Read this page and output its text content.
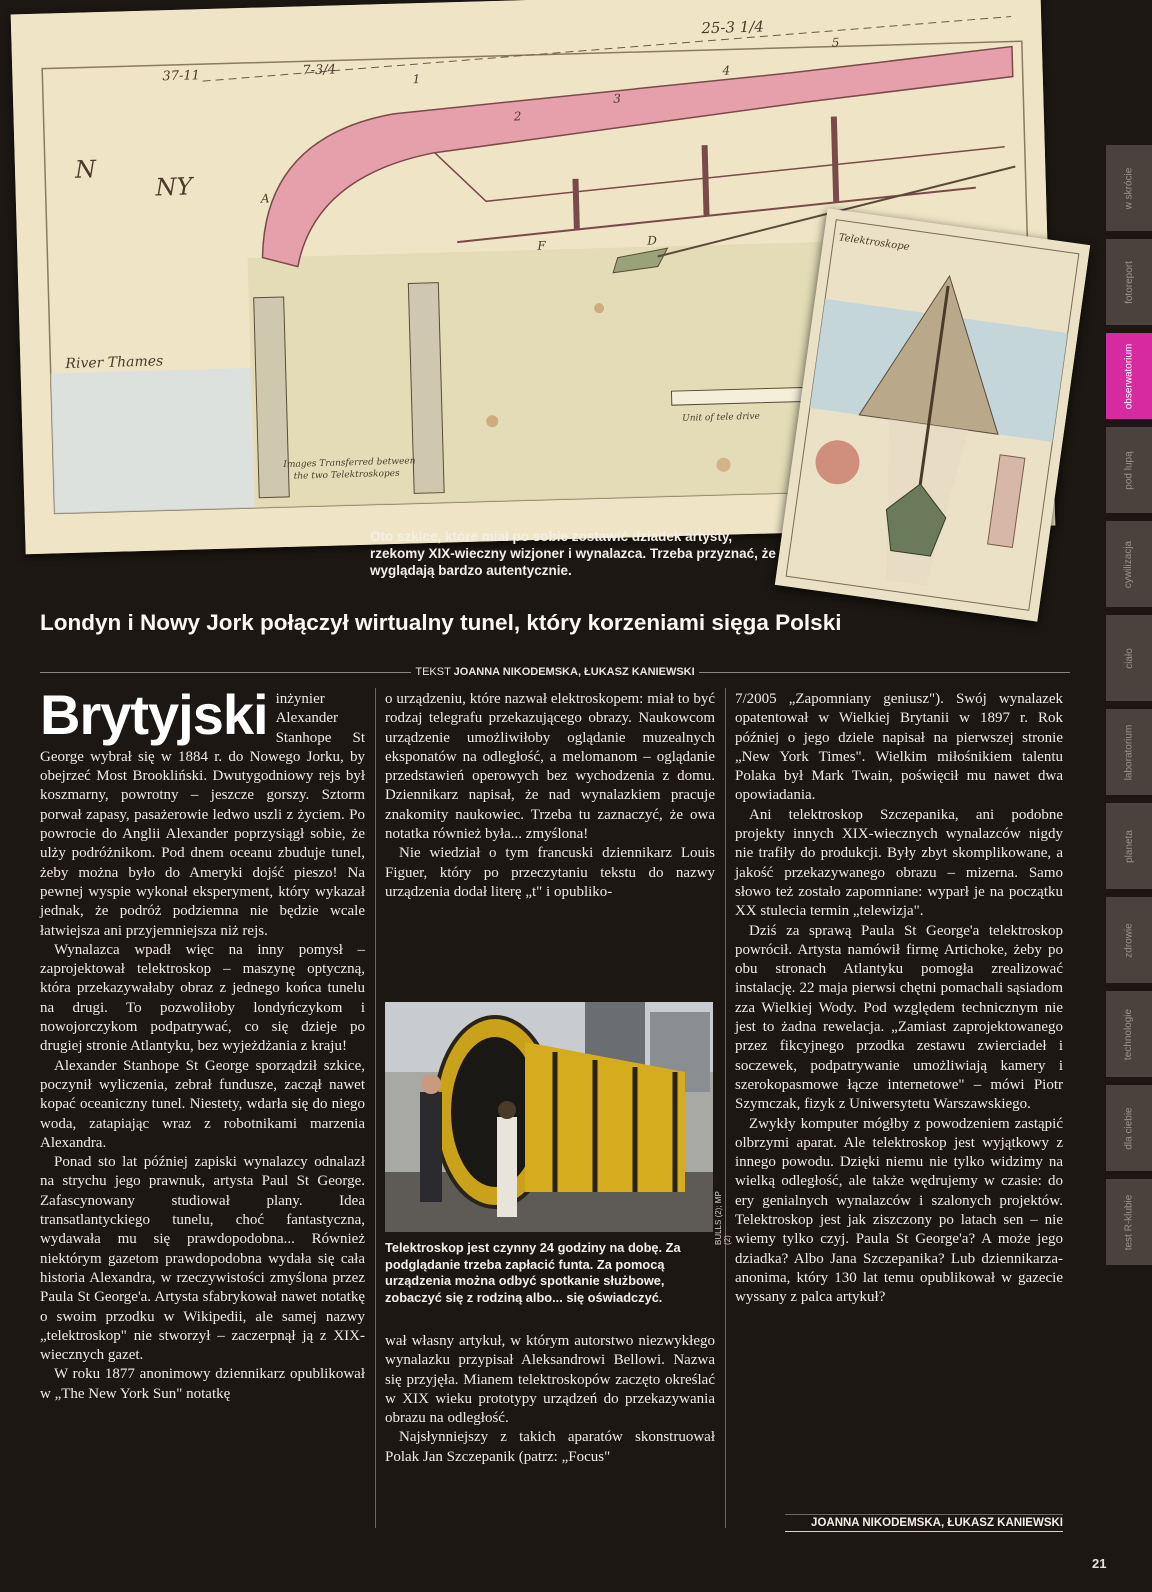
37-11	7-3/4
25-3 1/4
N
NY
River Thames
Images Transferred between
the two Telektroskopes
A
D
F
1
2
3
4
5
Unit of tele drive
Telektroskope
Oto szkice, które miał po sobie zostawić dziadek artysty, rzekomy XIX-wieczny wizjoner i wynalazca. Trzeba przyznać, że wyglądają bardzo autentycznie.
w skrócie
fotoreport
obserwatorium
pod lupą
cywilizacja
ciało
laboratorium
planeta
zdrowie
technologie
dla ciebie
test R-klubie
Londyn i Nowy Jork połączył wirtualny tunel, który korzeniami sięga Polski
TEKST JOANNA NIKODEMSKA, ŁUKASZ KANIEWSKI

Brytyjski inżynier Alexander Stanhope St George wybrał się w 1884 r. do Nowego Jorku, by obejrzeć Most Brookliński. Dwutygodniowy rejs był koszmarny, powrotny – jeszcze gorszy. Sztorm porwał zapasy, pasażerowie ledwo uszli z życiem. Po powrocie do Anglii Alexander poprzysiągł sobie, że ulży podróżnikom. Pod dnem oceanu zbuduje tunel, żeby można było do Ameryki dojść pieszo! Na pewnej wyspie wykonał eksperyment, który wykazał jednak, że podróż podziemna nie będzie wcale łatwiejsza ani przyjemniejsza niż rejs.

Wynalazca wpadł więc na inny pomysł – zaprojektował telektroskop – maszynę optyczną, która przekazywałaby obraz z jednego końca tunelu na drugi. To pozwoliłoby londyńczykom i nowojorczykom podpatrywać, co się dzieje po drugiej stronie Atlantyku, bez wyjeżdżania z kraju!

Alexander Stanhope St George sporządził szkice, poczynił wyliczenia, zebrał fundusze, zaczął nawet kopać oceaniczny tunel. Niestety, wdarła się do niego woda, zatapiając wraz z robotnikami marzenia Alexandra.

Ponad sto lat później zapiski wynalazcy odnalazł na strychu jego prawnuk, artysta Paul St George. Zafascynowany studiował plany. Idea transatlantyckiego tunelu, choć fantastyczna, wydawała mu się prawdopodobna... Również niektórym gazetom prawdopodobna wydała się cała historia Alexandra, w rzeczywistości zmyślona przez Paula St George'a. Artysta sfabrykował nawet notatkę o swoim przodku w Wikipedii, ale samej nazwy „telektroskop" nie stworzył – zaczerpnął ją z XIX-wiecznych gazet.

W roku 1877 anonimowy dziennikarz opublikował w „The New York Sun" notatkę

o urządzeniu, które nazwał elektroskopem: miał to być rodzaj telegrafu przekazującego obrazy. Naukowcom urządzenie umożliwiłoby oglądanie muzealnych eksponatów na odległość, a melomanom – oglądanie przedstawień operowych bez wychodzenia z domu. Dziennikarz napisał, że nad wynalazkiem pracuje znakomity naukowiec. Trzeba tu zaznaczyć, że owa notatka również była... zmyślona!

Nie wiedział o tym francuski dziennikarz Louis Figuer, który po przeczytaniu tekstu do nazwy urządzenia dodał literę „t" i opubliko-

BULLS (2); MP (2)
Telektroskop jest czynny 24 godziny na dobę. Za podglądanie trzeba zapłacić funta. Za pomocą urządzenia można odbyć spotkanie służbowe, zobaczyć się z rodziną albo... się oświadczyć.

wał własny artykuł, w którym autorstwo niezwykłego wynalazku przypisał Aleksandrowi Bellowi. Nazwa się przyjęła. Mianem telektroskopów zaczęto określać w XIX wieku prototypy urządzeń do przekazywania obrazu na odległość.

Najsłynniejszy z takich aparatów skonstruował Polak Jan Szczepanik (patrz: „Focus"

7/2005 „Zapomniany geniusz"). Swój wynalazek opatentował w Wielkiej Brytanii w 1897 r. Rok później o jego dziele napisał na pierwszej stronie „New York Times". Wielkim miłośnikiem talentu Polaka był Mark Twain, poświęcił mu nawet dwa opowiadania.

Ani telektroskop Szczepanika, ani podobne projekty innych XIX-wiecznych wynalazców nigdy nie trafiły do produkcji. Były zbyt skomplikowane, a jakość przekazywanego obrazu – mizerna. Samo słowo też zostało zapomniane: wyparł je na początku XX stulecia termin „telewizja".

Dziś za sprawą Paula St George'a telektroskop powrócił. Artysta namówił firmę Artichoke, żeby po obu stronach Atlantyku pomogła zrealizować instalację. 22 maja pierwsi chętni pomachali sąsiadom zza Wielkiej Wody. Pod względem technicznym nie jest to żadna rewelacja. „Zamiast zaprojektowanego przez fikcyjnego przodka zestawu zwierciadeł i soczewek, podpatrywanie umożliwiają kamery i szerokopasmowe łącze internetowe" – mówi Piotr Szymczak, fizyk z Uniwersytetu Warszawskiego.

Zwykły komputer mógłby z powodzeniem zastąpić olbrzymi aparat. Ale telektroskop jest wyjątkowy z innego powodu. Dzięki niemu nie tylko widzimy na wielką odległość, ale także wędrujemy w czasie: do ery genialnych wynalazców i szalonych projektów. Telektroskop jest jak ziszczony po latach sen – nie wiemy tylko czyj. Paula St George'a? A może jego dziadka? Albo Jana Szczepanika? Lub dziennikarza-anonima, który 130 lat temu opublikował w gazecie wyssany z palca artykuł?

JOANNA NIKODEMSKA, ŁUKASZ KANIEWSKI
21
